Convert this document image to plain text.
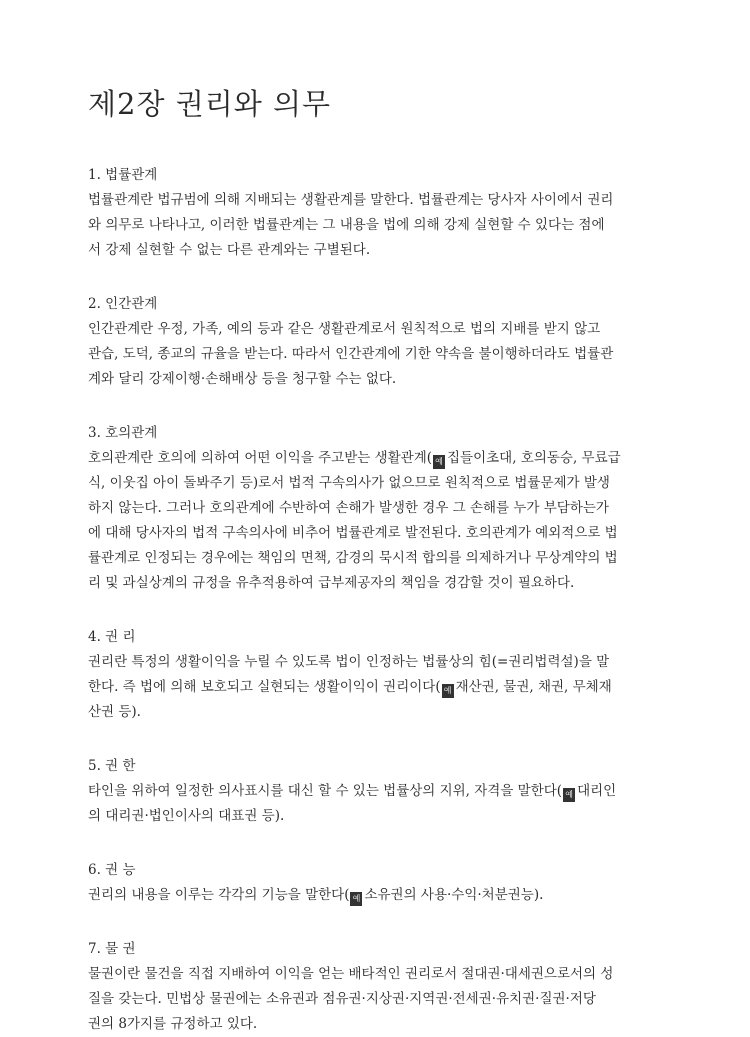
제2장 권리와 의무

1. 법률관계

법률관계란 법규범에 의해 지배되는 생활관계를 말한다. 법률관계는 당사자 사이에서 권리
와 의무로 나타나고, 이러한 법률관계는 그 내용을 법에 의해 강제 실현할 수 있다는 점에
서 강제 실현할 수 없는 다른 관계와는 구별된다.

2. 인간관계

인간관계란 우정, 가족, 예의 등과 같은 생활관계로서 원칙적으로 법의 지배를 받지 않고
관습, 도덕, 종교의 규율을 받는다. 따라서 인간관계에 기한 약속을 불이행하더라도 법률관
계와 달리 강제이행·손해배상 등을 청구할 수는 없다.

3. 호의관계

호의관계란 호의에 의하여 어떤 이익을 주고받는 생활관계( 예 집들이초대, 호의동승, 무료급
식, 이웃집 아이 돌봐주기 등)로서 법적 구속의사가 없으므로 원칙적으로 법률문제가 발생
하지 않는다. 그러나 호의관계에 수반하여 손해가 발생한 경우 그 손해를 누가 부담하는가
에 대해 당사자의 법적 구속의사에 비추어 법률관계로 발전된다. 호의관계가 예외적으로 법
률관계로 인정되는 경우에는 책임의 면책, 감경의 묵시적 합의를 의제하거나 무상계약의 법
리 및 과실상계의 규정을 유추적용하여 급부제공자의 책임을 경감할 것이 필요하다.

4. 권 리

권리란 특정의 생활이익을 누릴 수 있도록 법이 인정하는 법률상의 힘(=권리법력설)을 말
한다. 즉 법에 의해 보호되고 실현되는 생활이익이 권리이다( 예 재산권, 물권, 채권, 무체재
산권 등).

5. 권 한

타인을 위하여 일정한 의사표시를 대신 할 수 있는 법률상의 지위, 자격을 말한다( 예 대리인
의 대리권·법인이사의 대표권 등).

6. 권 능

권리의 내용을 이루는 각각의 기능을 말한다( 예 소유권의 사용·수익·처분권능).

7. 물 권

물권이란 물건을 직접 지배하여 이익을 얻는 배타적인 권리로서 절대권·대세권으로서의 성
질을 갖는다. 민법상 물권에는 소유권과 점유권·지상권·지역권·전세권·유치권·질권·저당
권의 8가지를 규정하고 있다.
